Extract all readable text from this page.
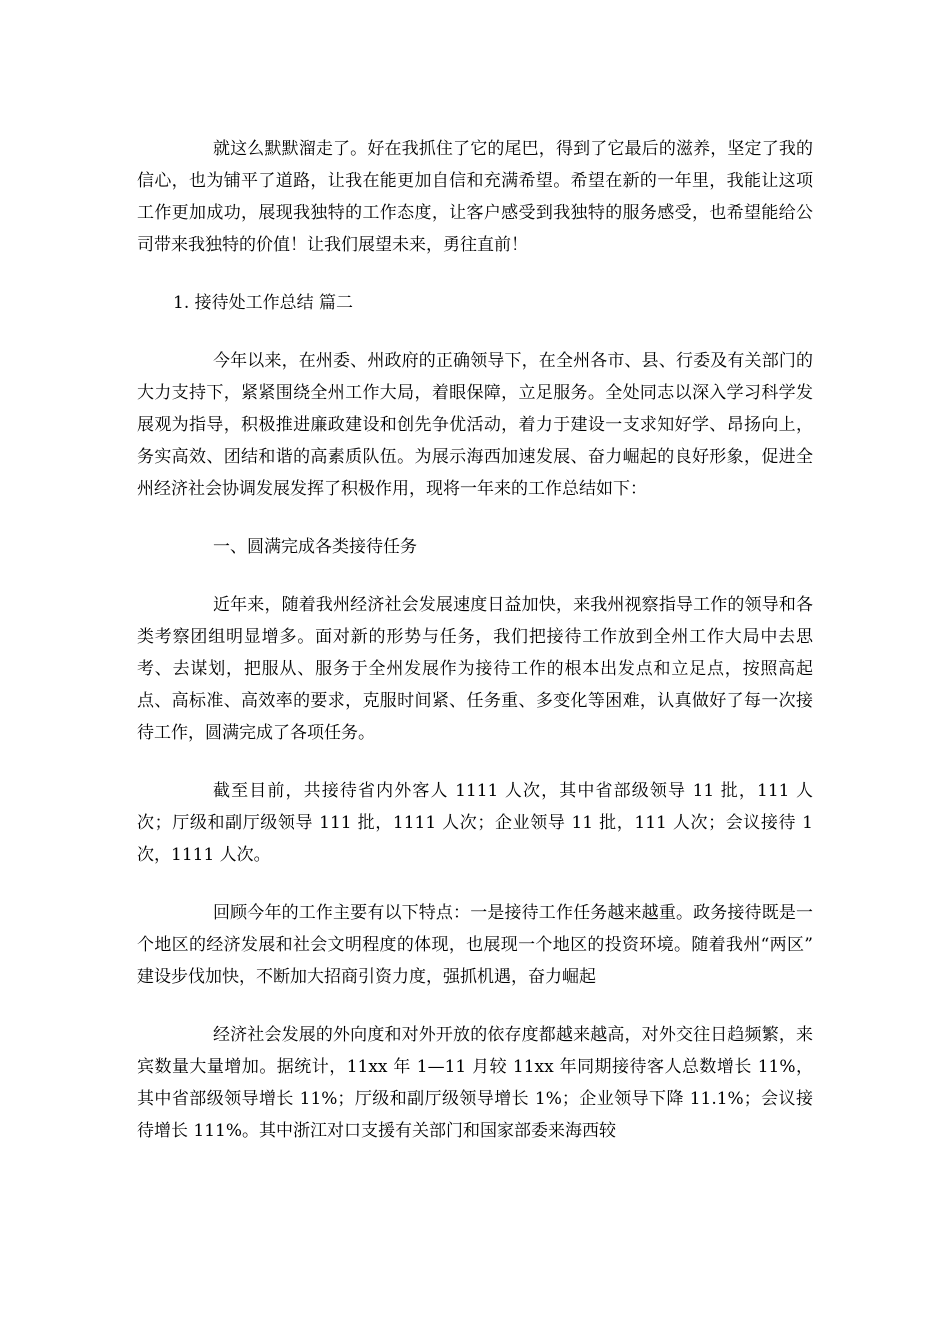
就这么默默溜走了。好在我抓住了它的尾巴，得到了它最后的滋养，坚定了我的信心，也为铺平了道路，让我在能更加自信和充满希望。希望在新的一年里，我能让这项工作更加成功，展现我独特的工作态度，让客户感受到我独特的服务感受，也希望能给公司带来我独特的价值！让我们展望未来，勇往直前！

1. 接待处工作总结 篇二

今年以来，在州委、州政府的正确领导下，在全州各市、县、行委及有关部门的大力支持下，紧紧围绕全州工作大局，着眼保障，立足服务。全处同志以深入学习科学发展观为指导，积极推进廉政建设和创先争优活动，着力于建设一支求知好学、昂扬向上，务实高效、团结和谐的高素质队伍。为展示海西加速发展、奋力崛起的良好形象，促进全州经济社会协调发展发挥了积极作用，现将一年来的工作总结如下：

一、圆满完成各类接待任务

近年来，随着我州经济社会发展速度日益加快，来我州视察指导工作的领导和各类考察团组明显增多。面对新的形势与任务，我们把接待工作放到全州工作大局中去思考、去谋划，把服从、服务于全州发展作为接待工作的根本出发点和立足点，按照高起点、高标准、高效率的要求，克服时间紧、任务重、多变化等困难，认真做好了每一次接待工作，圆满完成了各项任务。

截至目前，共接待省内外客人 1111 人次，其中省部级领导 11 批，111 人次；厅级和副厅级领导 111 批，1111 人次；企业领导 11 批，111 人次；会议接待 1 次，1111 人次。

回顾今年的工作主要有以下特点：一是接待工作任务越来越重。政务接待既是一个地区的经济发展和社会文明程度的体现，也展现一个地区的投资环境。随着我州“两区” 建设步伐加快，不断加大招商引资力度，强抓机遇，奋力崛起

经济社会发展的外向度和对外开放的依存度都越来越高，对外交往日趋频繁，来宾数量大量增加。据统计，11xx 年 1—11 月较 11xx 年同期接待客人总数增长 11%，其中省部级领导增长 11%；厅级和副厅级领导增长 1%；企业领导下降 11.1%；会议接待增长 111%。其中浙江对口支援有关部门和国家部委来海西较
